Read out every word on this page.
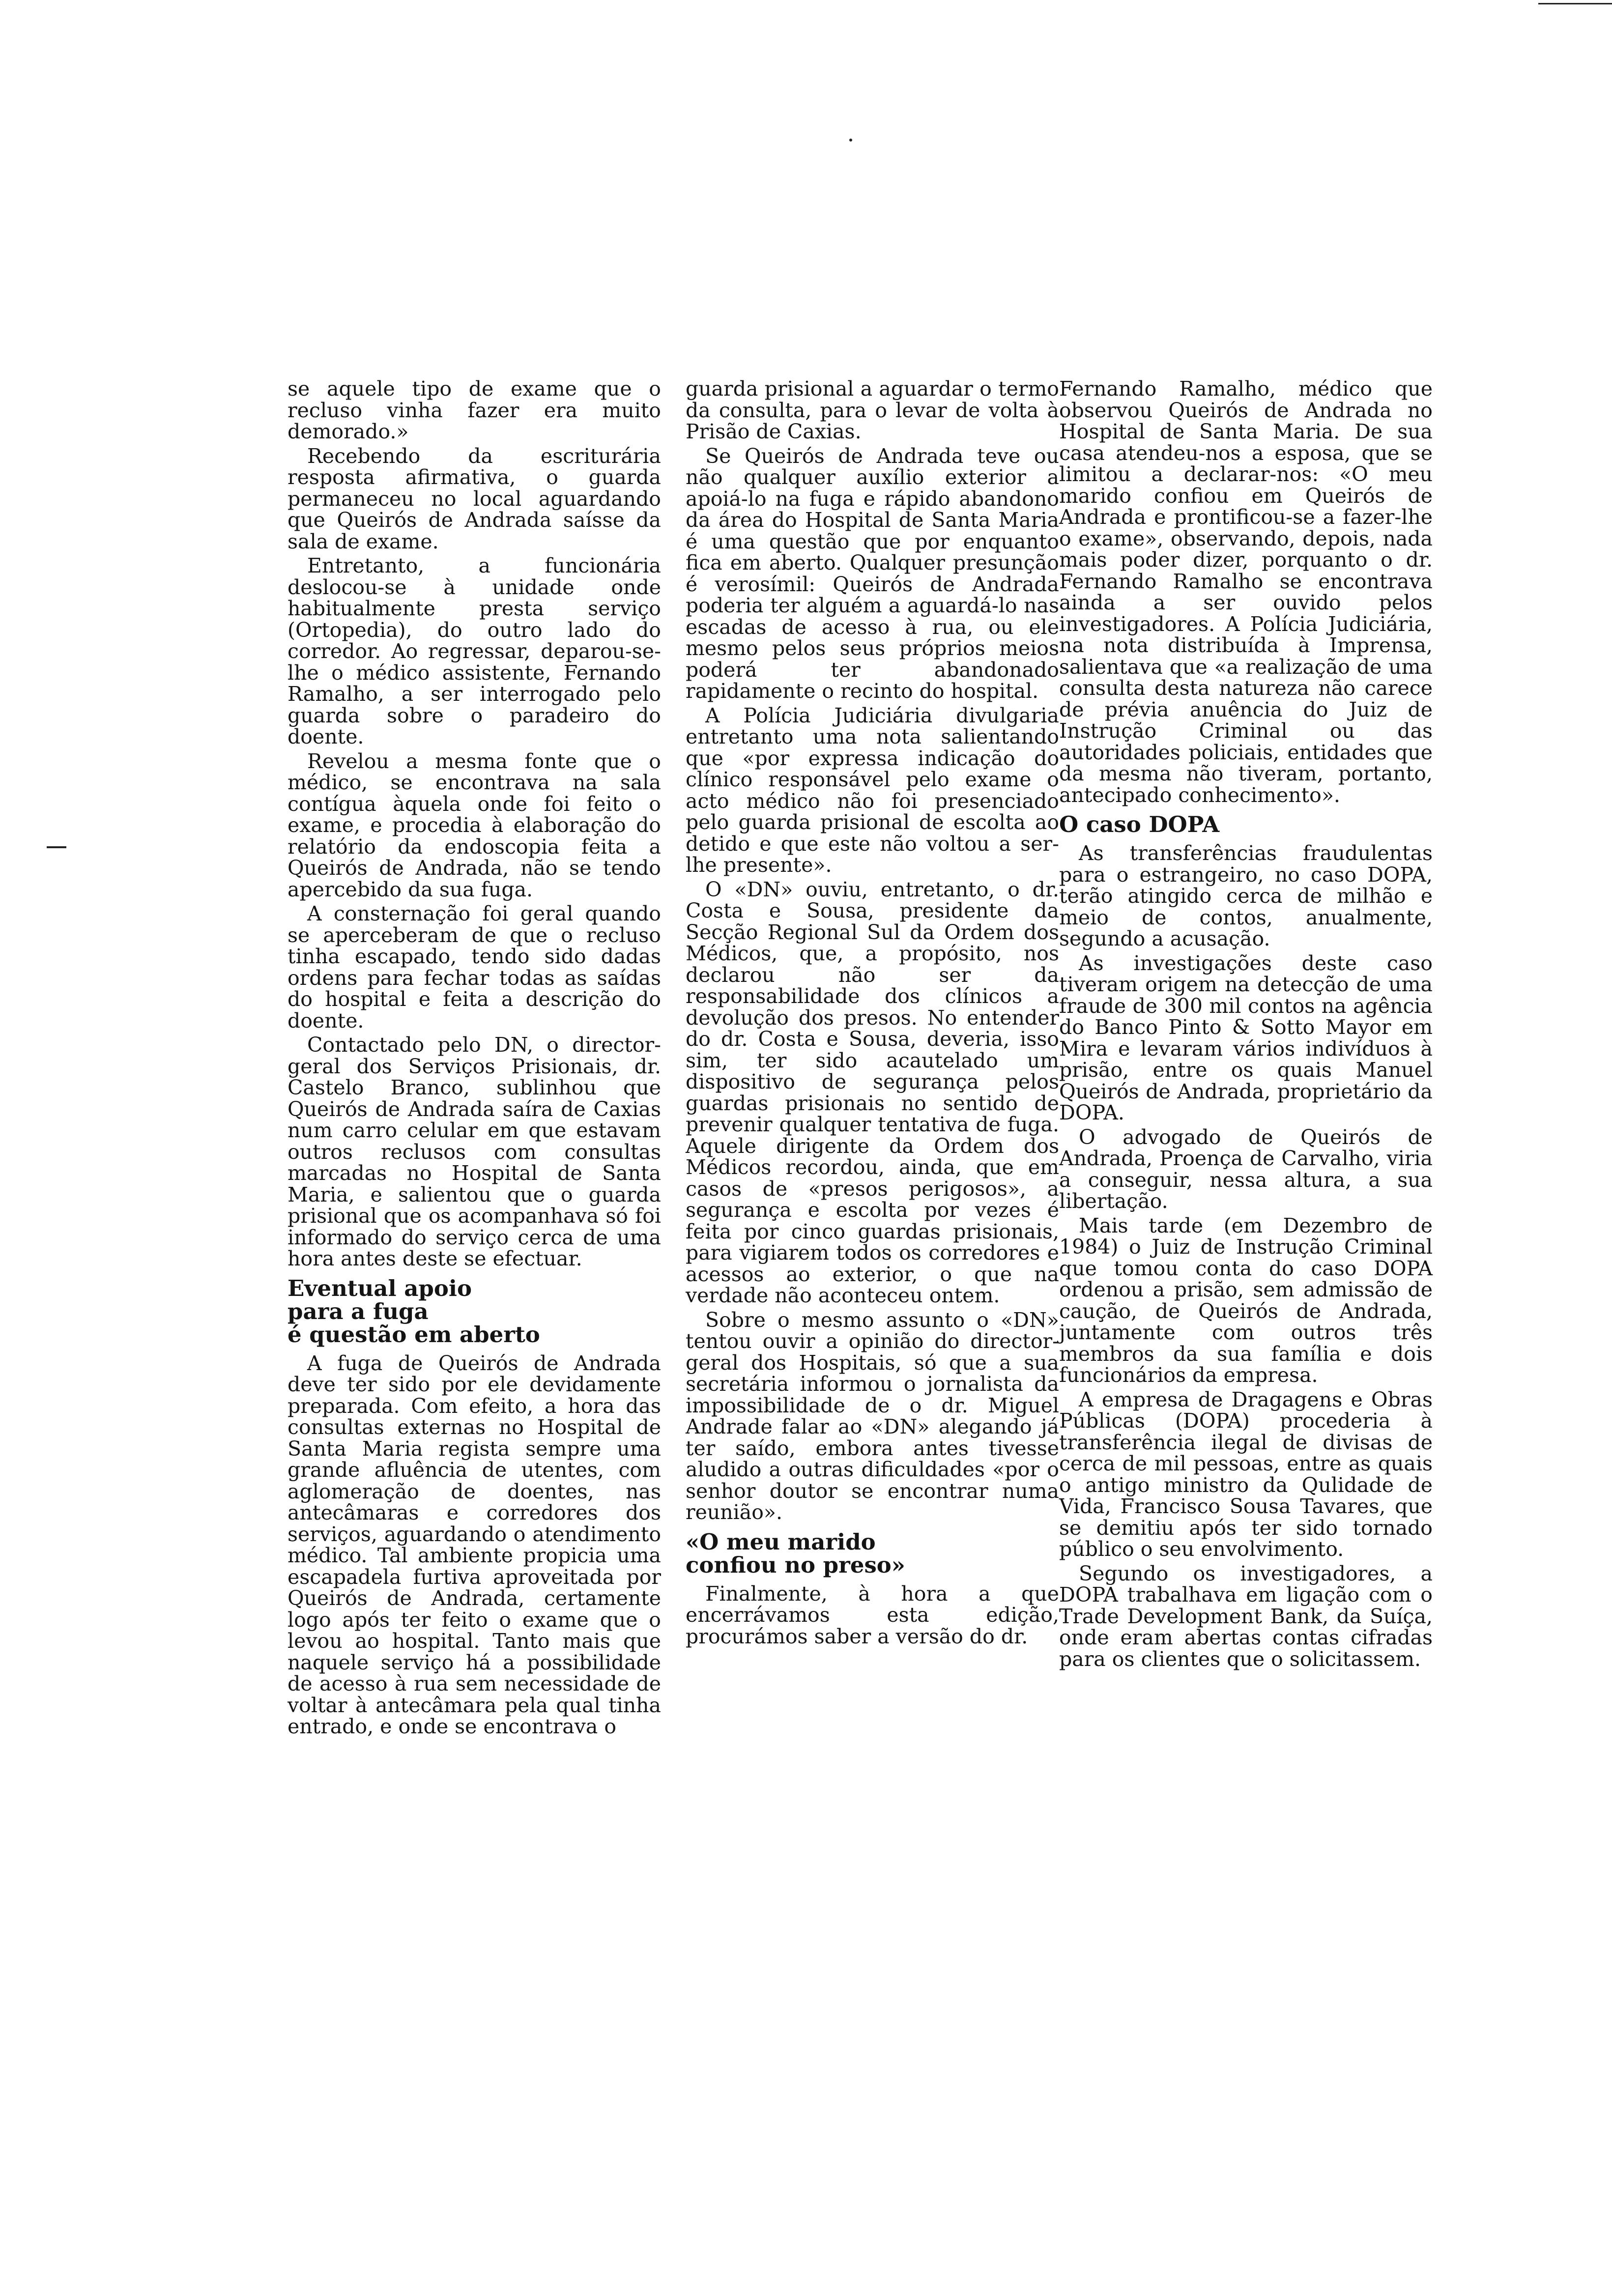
se aquele tipo de exame que o recluso vinha fazer era muito demorado.»

Recebendo da escriturária resposta afirmativa, o guarda permaneceu no local aguardando que Queirós de Andrada saísse da sala de exame.

Entretanto, a funcionária deslocou-se à unidade onde habitualmente presta serviço (Ortopedia), do outro lado do corredor. Ao regressar, deparou-se-lhe o médico assistente, Fernando Ramalho, a ser interrogado pelo guarda sobre o paradeiro do doente.

Revelou a mesma fonte que o médico, se encontrava na sala contígua àquela onde foi feito o exame, e procedia à elaboração do relatório da endoscopia feita a Queirós de Andrada, não se tendo apercebido da sua fuga.

A consternação foi geral quando se aperceberam de que o recluso tinha escapado, tendo sido dadas ordens para fechar todas as saídas do hospital e feita a descrição do doente.

Contactado pelo DN, o director-geral dos Serviços Prisionais, dr. Castelo Branco, sublinhou que Queirós de Andrada saíra de Caxias num carro celular em que estavam outros reclusos com consultas marcadas no Hospital de Santa Maria, e salientou que o guarda prisional que os acompanhava só foi informado do serviço cerca de uma hora antes deste se efectuar.

Eventual apoio
para a fuga
é questão em aberto

A fuga de Queirós de Andrada deve ter sido por ele devidamente preparada. Com efeito, a hora das consultas externas no Hospital de Santa Maria regista sempre uma grande afluência de utentes, com aglomeração de doentes, nas antecâmaras e corredores dos serviços, aguardando o atendimento médico. Tal ambiente propicia uma escapadela furtiva aproveitada por Queirós de Andrada, certamente logo após ter feito o exame que o levou ao hospital. Tanto mais que naquele serviço há a possibilidade de acesso à rua sem necessidade de voltar à antecâmara pela qual tinha entrado, e onde se encontrava o

guarda prisional a aguardar o termo da consulta, para o levar de volta à Prisão de Caxias.

Se Queirós de Andrada teve ou não qualquer auxílio exterior a apoiá-lo na fuga e rápido abandono da área do Hospital de Santa Maria é uma questão que por enquanto fica em aberto. Qualquer presunção é verosímil: Queirós de Andrada poderia ter alguém a aguardá-lo nas escadas de acesso à rua, ou ele mesmo pelos seus próprios meios poderá ter abandonado rapidamente o recinto do hospital.

A Polícia Judiciária divulgaria entretanto uma nota salientando que «por expressa indicação do clínico responsável pelo exame o acto médico não foi presenciado pelo guarda prisional de escolta ao detido e que este não voltou a ser-lhe presente».

O «DN» ouviu, entretanto, o dr. Costa e Sousa, presidente da Secção Regional Sul da Ordem dos Médicos, que, a propósito, nos declarou não ser da responsabilidade dos clínicos a devolução dos presos. No entender do dr. Costa e Sousa, deveria, isso sim, ter sido acautelado um dispositivo de segurança pelos guardas prisionais no sentido de prevenir qualquer tentativa de fuga. Aquele dirigente da Ordem dos Médicos recordou, ainda, que em casos de «presos perigosos», a segurança e escolta por vezes é feita por cinco guardas prisionais, para vigiarem todos os corredores e acessos ao exterior, o que na verdade não aconteceu ontem.

Sobre o mesmo assunto o «DN» tentou ouvir a opinião do director-geral dos Hospitais, só que a sua secretária informou o jornalista da impossibilidade de o dr. Miguel Andrade falar ao «DN» alegando já ter saído, embora antes tivesse aludido a outras dificuldades «por o senhor doutor se encontrar numa reunião».

«O meu marido
confiou no preso»

Finalmente, à hora a que encerrávamos esta edição, procurámos saber a versão do dr.

Fernando Ramalho, médico que observou Queirós de Andrada no Hospital de Santa Maria. De sua casa atendeu-nos a esposa, que se limitou a declarar-nos: «O meu marido confiou em Queirós de Andrada e prontificou-se a fazer-lhe o exame», observando, depois, nada mais poder dizer, porquanto o dr. Fernando Ramalho se encontrava ainda a ser ouvido pelos investigadores. A Polícia Judiciária, na nota distribuída à Imprensa, salientava que «a realização de uma consulta desta natureza não carece de prévia anuência do Juiz de Instrução Criminal ou das autoridades policiais, entidades que da mesma não tiveram, portanto, antecipado conhecimento».

O caso DOPA

As transferências fraudulentas para o estrangeiro, no caso DOPA, terão atingido cerca de milhão e meio de contos, anualmente, segundo a acusação.

As investigações deste caso tiveram origem na detecção de uma fraude de 300 mil contos na agência do Banco Pinto & Sotto Mayor em Mira e levaram vários indivíduos à prisão, entre os quais Manuel Queirós de Andrada, proprietário da DOPA.

O advogado de Queirós de Andrada, Proença de Carvalho, viria a conseguir, nessa altura, a sua libertação.

Mais tarde (em Dezembro de 1984) o Juiz de Instrução Criminal que tomou conta do caso DOPA ordenou a prisão, sem admissão de caução, de Queirós de Andrada, juntamente com outros três membros da sua família e dois funcionários da empresa.

A empresa de Dragagens e Obras Públicas (DOPA) procederia à transferência ilegal de divisas de cerca de mil pessoas, entre as quais o antigo ministro da Qulidade de Vida, Francisco Sousa Tavares, que se demitiu após ter sido tornado público o seu envolvimento.

Segundo os investigadores, a DOPA trabalhava em ligação com o Trade Development Bank, da Suíça, onde eram abertas contas cifradas para os clientes que o solicitassem.
